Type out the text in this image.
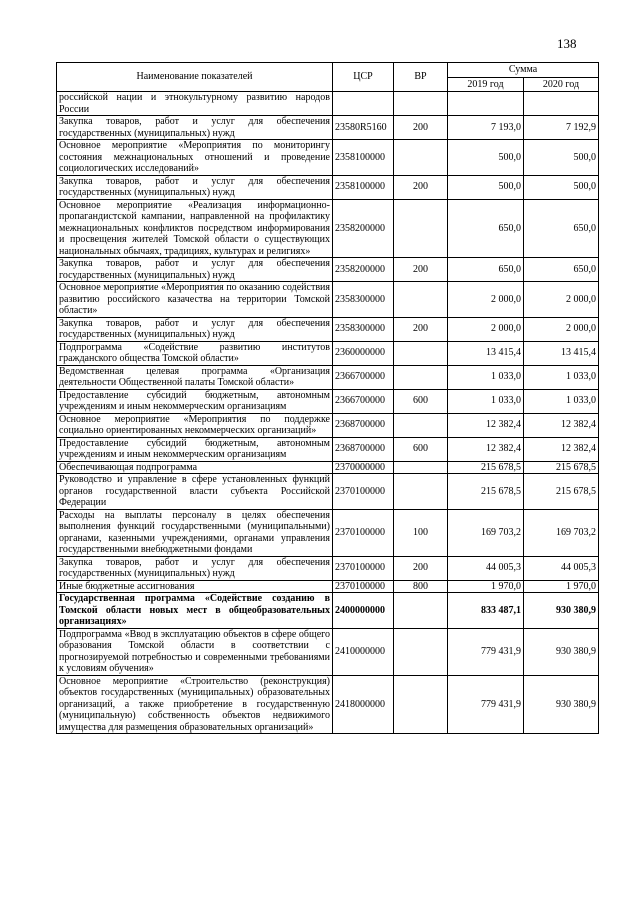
138
Наименование показателей	ЦСР	ВР	Сумма	
			2019 год	2020 год
российской нации и этнокультурному развитию народов России				
Закупка товаров, работ и услуг для обеспечения государственных (муниципальных) нужд	23580R5160	200	7 193,0	7 192,9
Основное мероприятие «Мероприятия по мониторингу состояния межнациональных отношений и проведение социологических исследований»	2358100000		500,0	500,0
Закупка товаров, работ и услуг для обеспечения государственных (муниципальных) нужд	2358100000	200	500,0	500,0
Основное мероприятие «Реализация информационно-пропагандистской кампании, направленной на профилактику межнациональных конфликтов посредством информирования и просвещения жителей Томской области о существующих национальных обычаях, традициях, культурах и религиях»	2358200000		650,0	650,0
Закупка товаров, работ и услуг для обеспечения государственных (муниципальных) нужд	2358200000	200	650,0	650,0
Основное мероприятие «Мероприятия по оказанию содействия развитию российского казачества на территории Томской области»	2358300000		2 000,0	2 000,0
Закупка товаров, работ и услуг для обеспечения государственных (муниципальных) нужд	2358300000	200	2 000,0	2 000,0
Подпрограмма «Содействие развитию институтов гражданского общества Томской области»	2360000000		13 415,4	13 415,4
Ведомственная целевая программа «Организация деятельности Общественной палаты Томской области»	2366700000		1 033,0	1 033,0
Предоставление субсидий бюджетным, автономным учреждениям и иным некоммерческим организациям	2366700000	600	1 033,0	1 033,0
Основное мероприятие «Мероприятия по поддержке социально ориентированных некоммерческих организаций»	2368700000		12 382,4	12 382,4
Предоставление субсидий бюджетным, автономным учреждениям и иным некоммерческим организациям	2368700000	600	12 382,4	12 382,4
Обеспечивающая подпрограмма	2370000000		215 678,5	215 678,5
Руководство и управление в сфере установленных функций органов государственной власти субъекта Российской Федерации	2370100000		215 678,5	215 678,5
Расходы на выплаты персоналу в целях обеспечения выполнения функций государственными (муниципальными) органами, казенными учреждениями, органами управления государственными внебюджетными фондами	2370100000	100	169 703,2	169 703,2
Закупка товаров, работ и услуг для обеспечения государственных (муниципальных) нужд	2370100000	200	44 005,3	44 005,3
Иные бюджетные ассигнования	2370100000	800	1 970,0	1 970,0
Государственная программа «Содействие созданию в Томской области новых мест в общеобразовательных организациях»	2400000000		833 487,1	930 380,9
Подпрограмма «Ввод в эксплуатацию объектов в сфере общего образования Томской области в соответствии с прогнозируемой потребностью и современными требованиями к условиям обучения»	2410000000		779 431,9	930 380,9
Основное мероприятие «Строительство (реконструкция) объектов государственных (муниципальных) образовательных организаций, а также приобретение в государственную (муниципальную) собственность объектов недвижимого имущества для размещения образовательных организаций»	2418000000		779 431,9	930 380,9
